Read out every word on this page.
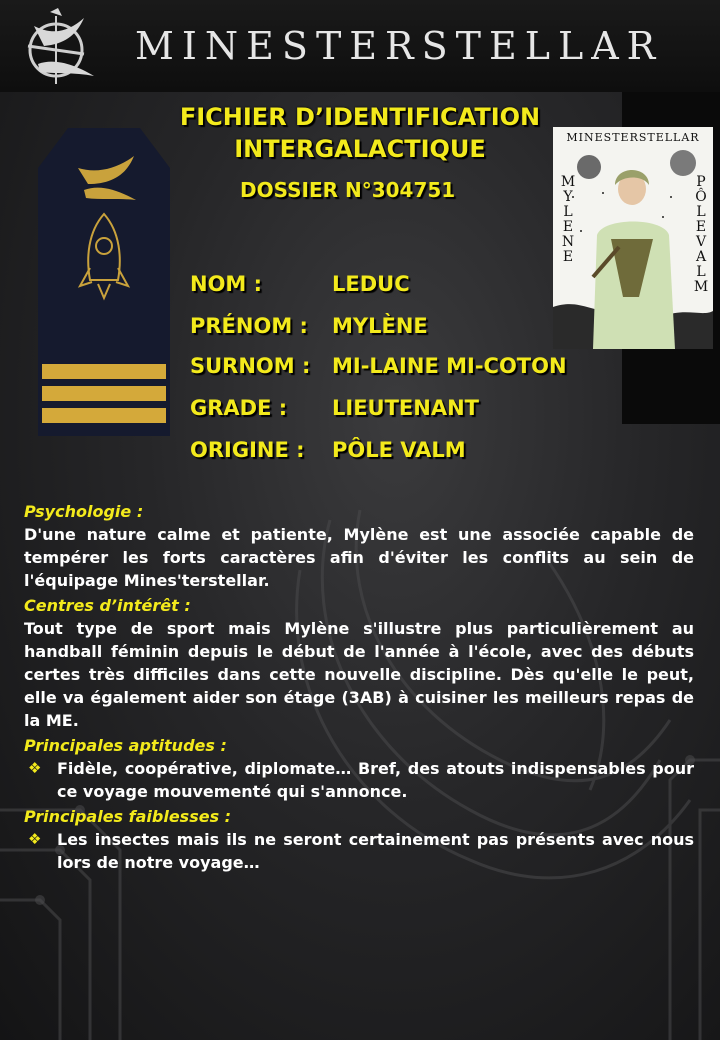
MINESTERSTELLAR
FICHIER D’IDENTIFICATION
INTERGALACTIQUE

DOSSIER N°304751

NOM :	LEDUC
PRÉNOM : MYLÈNE
SURNOM : MI-LAINE MI-COTON
GRADE : LIEUTENANT
ORIGINE : PÔLE VALM
MINESTERSTELLAR
MYLENE
PÔLE VALM

Psychologie :

D'une nature calme et patiente, Mylène est une associée capable de tempérer les forts caractères afin d'éviter les conflits au sein de l'équipage Mines'terstellar.

Centres d’intérêt :

Tout type de sport mais Mylène s'illustre plus particulièrement au handball féminin depuis le début de l'année à l'école, avec des débuts certes très difficiles dans cette nouvelle discipline. Dès qu'elle le peut, elle va également aider son étage (3AB) à cuisiner les meilleurs repas de la ME.

Principales aptitudes :

❖ Fidèle, coopérative, diplomate… Bref, des atouts indispensables pour ce voyage mouvementé qui s'annonce.

Principales faiblesses :

❖ Les insectes mais ils ne seront certainement pas présents avec nous lors de notre voyage…
